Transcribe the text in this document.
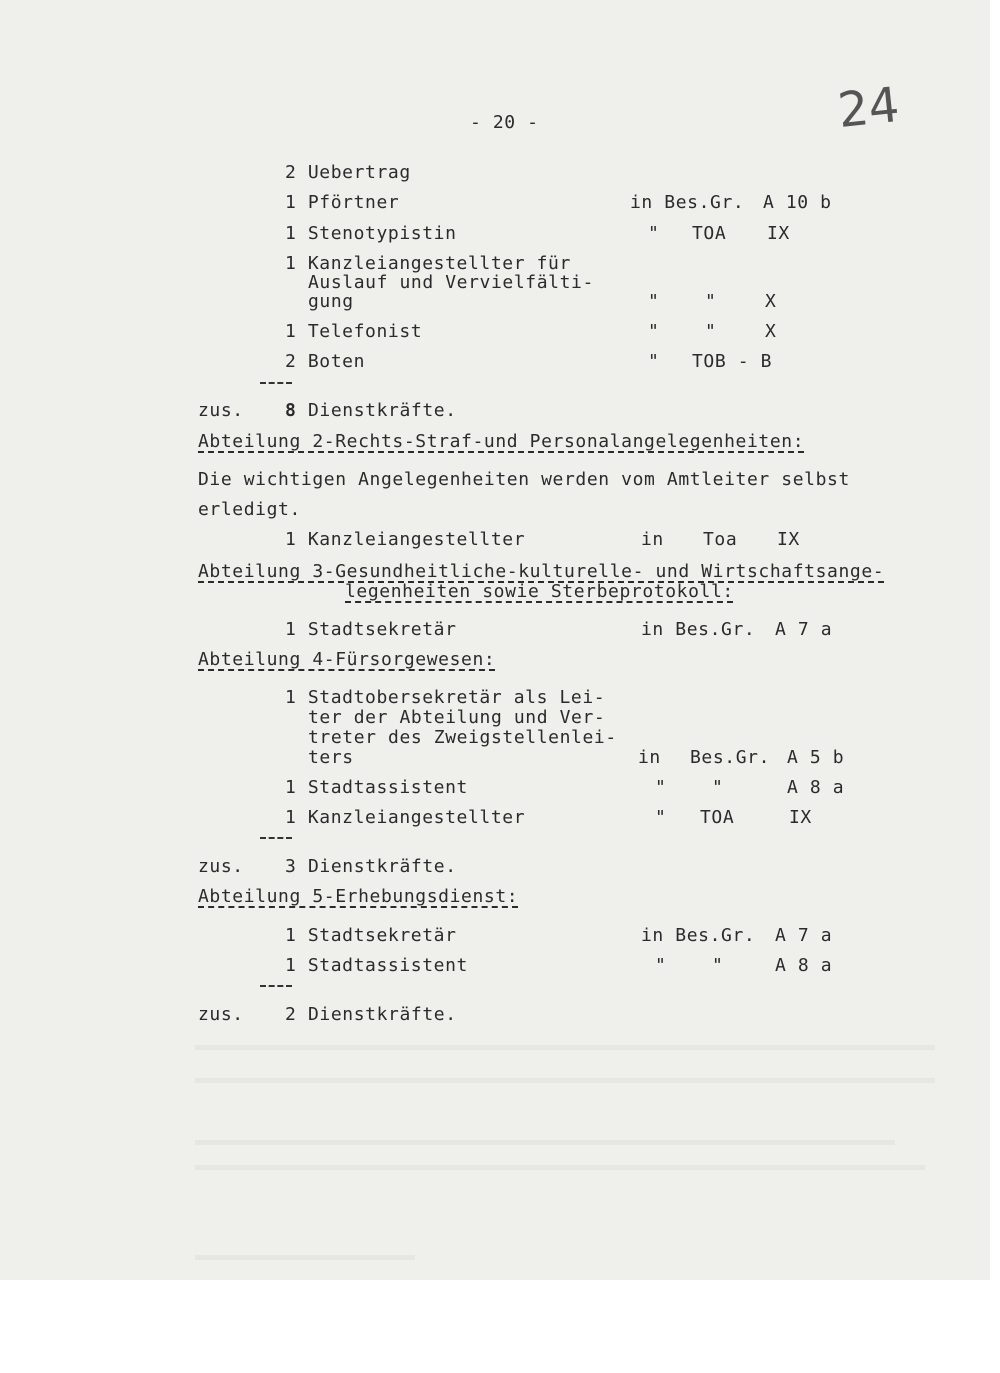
- 20 -	24
2 Uebertrag
1 Pförtner	in Bes.Gr. A 10 b
1 Stenotypistin	" TOA IX
1 Kanzleiangestellter für
Auslauf und Vervielfälti-
gung	"	"	X
1 Telefonist	"	"	X
2 Boten	" TOB - B
zus. 8 Dienstkräfte.
Abteilung 2-Rechts-Straf-und Personalangelegenheiten:
Die wichtigen Angelegenheiten werden vom Amtleiter selbst
erledigt.
1 Kanzleiangestellter	in Toa IX
Abteilung 3-Gesundheitliche-kulturelle- und Wirtschaftsange-
legenheiten sowie Sterbeprotokoll:
1 Stadtsekretär	in Bes.Gr. A 7 a
Abteilung 4-Fürsorgewesen:
1 Stadtobersekretär als Lei-
ter der Abteilung und Ver-
treter des Zweigstellenlei-
ters	in Bes.Gr. A 5 b
1 Stadtassistent	"	"	A 8 a
1 Kanzleiangestellter	" TOA	IX
zus. 3 Dienstkräfte.
Abteilung 5-Erhebungsdienst:
1 Stadtsekretär	in Bes.Gr. A 7 a
1 Stadtassistent	"	"	A 8 a
zus. 2 Dienstkräfte.
